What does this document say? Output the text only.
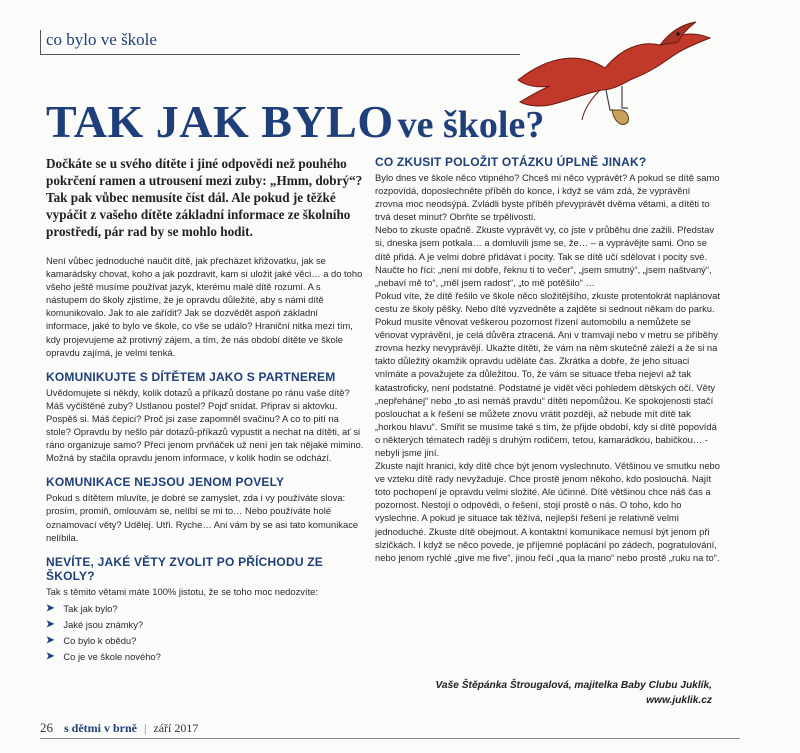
co bylo ve škole
TAK JAK BYLO ve škole?

Dočkáte se u svého dítěte i jiné odpovědi než pouhého pokrčení ramen a utrousení mezi zuby: „Hmm, dobrý“? Tak pak vůbec nemusíte číst dál. Ale pokud je těžké vypáčit z vašeho dítěte základní informace ze školního prostředí, pár rad by se mohlo hodit.

Není vůbec jednoduché naučit dítě, jak přecházet křižovatku, jak se kamarádsky chovat, koho a jak pozdravit, kam si uložit jaké věci… a do toho všeho ještě musíme používat jazyk, kterému malé dítě rozumí. A s nástupem do školy zjistíme, že je opravdu důležité, aby s námi dítě komunikovalo. Jak to ale zařídit? Jak se dozvědět aspoň základní informace, jaké to bylo ve škole, co vše se událo? Hraniční nitka mezi tím, kdy projevujeme až protivný zájem, a tím, že nás období dítěte ve škole opravdu zajímá, je velmi tenká.

KOMUNIKUJTE S DÍTĚTEM JAKO S PARTNEREM

Uvědomujete si někdy, kolik dotazů a příkazů dostane po ránu vaše dítě? Máš vyčištěné zuby? Ustlanou postel? Pojď snídat. Připrav si aktovku. Pospěš si. Máš čepici? Proč jsi zase zapomněl svačinu? A co to pití na stole? Opravdu by nešlo pár dotazů-příkazů vypustit a nechat na dítěti, ať si ráno organizuje samo? Přeci jenom prvňáček už není jen tak nějaké mimino. Možná by stačila opravdu jenom informace, v kolik hodin se odchází.

KOMUNIKACE NEJSOU JENOM POVELY

Pokud s dítětem mluvíte, je dobré se zamyslet, zda i vy používáte slova: prosím, promiň, omlouvám se, nelíbí se mi to… Nebo používáte holé oznamovací věty? Udělej. Utři. Ryche… Ani vám by se asi tato komunikace nelíbila.

NEVÍTE, JAKÉ VĚTY ZVOLIT PO PŘÍCHODU ZE ŠKOLY?

Tak s těmito větami máte 100% jistotu, že se toho moc nedozvíte:

➤ Tak jak bylo?
➤ Jaké jsou známky?
➤ Co bylo k obědu?
➤ Co je ve škole nového?
CO ZKUSIT POLOŽIT OTÁZKU ÚPLNĚ JINAK?

Bylo dnes ve škole něco vtipného? Chceš mi něco vyprávět? A pokud se dítě samo rozpovídá, doposlechněte příběh do konce, i když se vám zdá, že vyprávění zrovna moc neodsýpá. Zvládli byste příběh převyprávět dvěma větami, a dítěti to trvá deset minut? Obrňte se trpělivostí.

Nebo to zkuste opačně. Zkuste vyprávět vy, co jste v průběhu dne zažili. Představ si, dneska jsem potkala… a domluvili jsme se, že… – a vyprávějte sami. Ono se dítě přidá. A je velmi dobré přidávat i pocity. Tak se dítě učí sdělovat i pocity své. Naučte ho říci: „není mi dobře, řeknu ti to večer“, „jsem smutný“, „jsem naštvaný“, „nebaví mě to“, „měl jsem radost“, „to mě potěšilo“ …

Pokud víte, že dítě řešilo ve škole něco složitějšího, zkuste protentokrát naplánovat cestu ze školy pěšky. Nebo dítě vyzvedněte a zajděte si sednout někam do parku. Pokud musíte věnovat veškerou pozornost řízení automobilu a nemůžete se věnovat vyprávění, je celá důvěra ztracená. Ani v tramvaji nebo v metru se příběhy zrovna hezky nevyprávějí. Ukažte dítěti, že vám na něm skutečně záleží a že si na takto důležitý okamžik opravdu uděláte čas. Zkrátka a dobře, že jeho situaci vnímáte a považujete za důležitou. To, že vám se situace třeba nejeví až tak katastroficky, není podstatné. Podstatné je vidět věci pohledem dětských očí. Věty „nepřehánej“ nebo „to asi nemáš pravdu“ dítěti nepomůžou. Ke spokojenosti stačí poslouchat a k řešení se můžete znovu vrátit později, až nebude mít dítě tak „horkou hlavu“. Smířit se musíme také s tím, že přijde období, kdy si dítě popovídá o některých tématech raději s druhým rodičem, tetou, kamarádkou, babičkou… - nebyli jsme jiní.

Zkuste najít hranici, kdy dítě chce být jenom vyslechnuto. Většinou ve smutku nebo ve vzteku dítě rady nevyžaduje. Chce prostě jenom někoho, kdo poslouchá. Najít toto pochopení je opravdu velmi složité. Ale účinné. Dítě většinou chce náš čas a pozornost. Nestojí o odpovědi, o řešení, stojí prostě o nás. O toho, kdo ho vyslechne. A pokud je situace tak těžívá, nejlepší řešení je relativně velmi jednoduché. Zkuste dítě obejmout. A kontaktní komunikace nemusí být jenom při slzičkách. I když se něco povede, je příjemné poplácání po zádech, pogratulování, nebo jenom rychlé „give me five“, jinou řečí „qua la mano“ nebo prostě „ruku na to“.

Vaše Štěpánka Štrougalová, majitelka Baby Clubu Juklík,
www.juklik.cz
26 s dětmi v brně | září 2017
